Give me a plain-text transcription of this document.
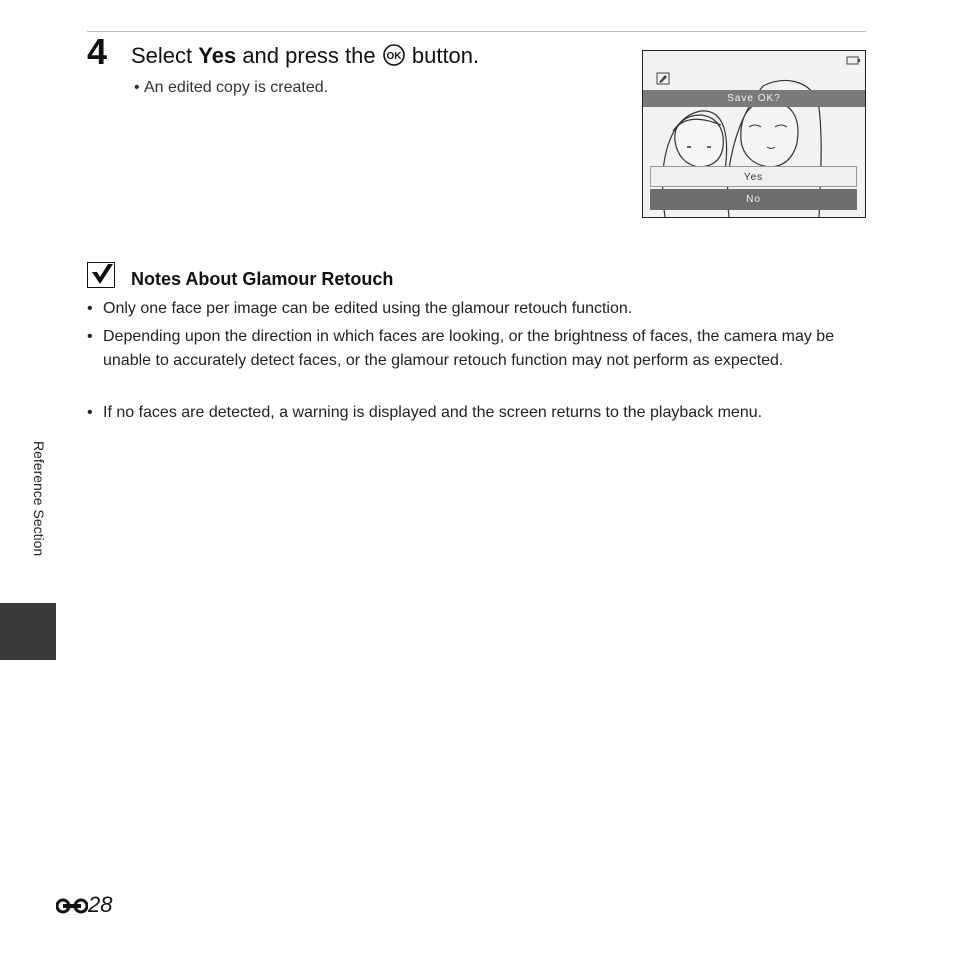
4 Select Yes and press the OK button.
• An edited copy is created.
Save OK?
Yes
No
Notes About Glamour Retouch
• Only one face per image can be edited using the glamour retouch function.
• Depending upon the direction in which faces are looking, or the brightness of faces, the camera may be unable to accurately detect faces, or the glamour retouch function may not perform as expected.
• If no faces are detected, a warning is displayed and the screen returns to the playback menu.
Reference Section
28
